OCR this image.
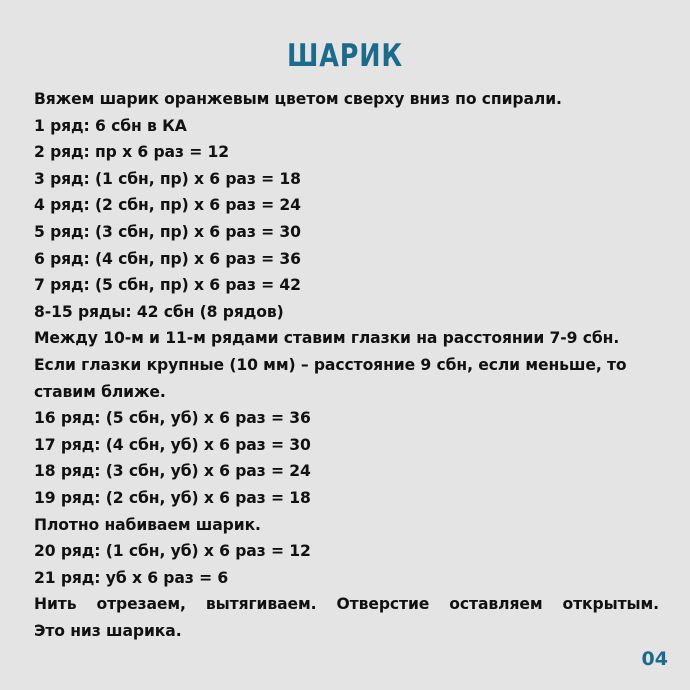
ШАРИК
Вяжем шарик оранжевым цветом сверху вниз по спирали.
1 ряд: 6 сбн в КА
2 ряд: пр х 6 раз = 12
3 ряд: (1 сбн, пр) х 6 раз = 18
4 ряд: (2 сбн, пр) х 6 раз = 24
5 ряд: (3 сбн, пр) х 6 раз = 30
6 ряд: (4 сбн, пр) х 6 раз = 36
7 ряд: (5 сбн, пр) х 6 раз = 42
8-15 ряды: 42 сбн (8 рядов)
Между 10-м и 11-м рядами ставим глазки на расстоянии 7-9 сбн.
Если глазки крупные (10 мм) – расстояние 9 сбн, если меньше, то
ставим ближе.
16 ряд: (5 сбн, уб) х 6 раз = 36
17 ряд: (4 сбн, уб) х 6 раз = 30
18 ряд: (3 сбн, уб) х 6 раз = 24
19 ряд: (2 сбн, уб) х 6 раз = 18
Плотно набиваем шарик.
20 ряд: (1 сбн, уб) х 6 раз = 12
21 ряд: уб х 6 раз = 6
Нить отрезаем, вытягиваем. Отверстие оставляем открытым.
Это низ шарика.
04
